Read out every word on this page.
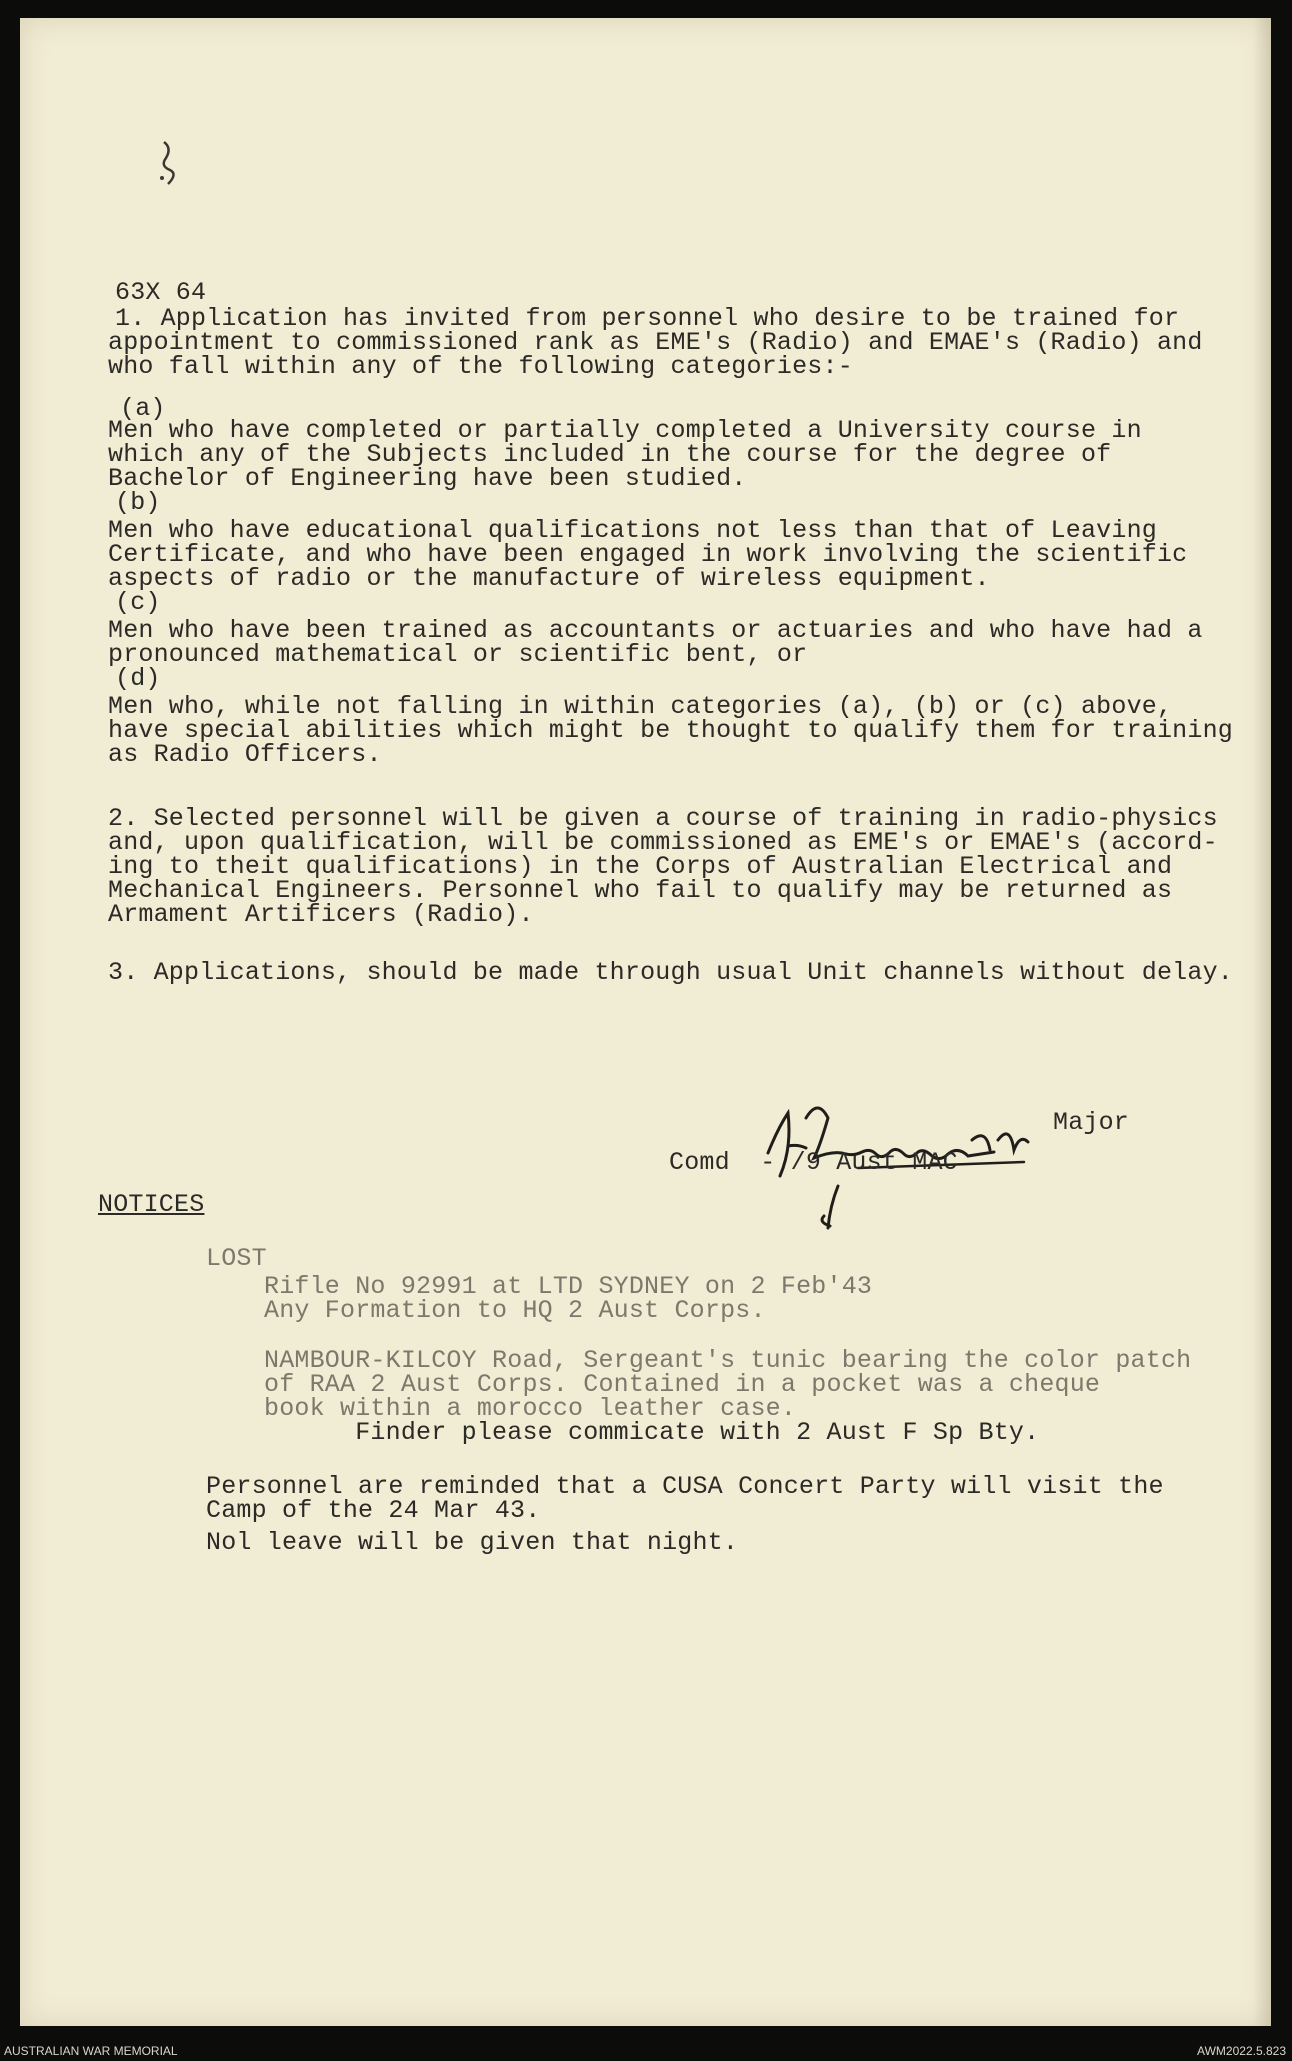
63X 64
1. Application has invited from personnel who desire to be trained for
appointment to commissioned rank as EME's (Radio) and EMAE's (Radio) and
who fall within any of the following categories:-
(a)
Men who have completed or partially completed a University course in
which any of the Subjects included in the course for the degree of
Bachelor of Engineering have been studied.
(b)
Men who have educational qualifications not less than that of Leaving
Certificate, and who have been engaged in work involving the scientific
aspects of radio or the manufacture of wireless equipment.
(c)
Men who have been trained as accountants or actuaries and who have had a
pronounced mathematical or scientific bent, or
(d)
Men who, while not falling in within categories (a), (b) or (c) above,
have special abilities which might be thought to qualify them for training
as Radio Officers.
2. Selected personnel will be given a course of training in radio-physics
and, upon qualification, will be commissioned as EME's or EMAE's (accord-
ing to theit qualifications) in the Corps of Australian Electrical and
Mechanical Engineers. Personnel who fail to qualify may be returned as
Armament Artificers (Radio).
3. Applications, should be made through usual Unit channels without delay.
Major
Comd  - /9 Aust MAC
NOTICES
LOST
Rifle No 92991 at LTD SYDNEY on 2 Feb'43
Any Formation to HQ 2 Aust Corps.
NAMBOUR-KILCOY Road, Sergeant's tunic bearing the color patch
of RAA 2 Aust Corps. Contained in a pocket was a cheque
book within a morocco leather case.
Finder please commicate with 2 Aust F Sp Bty.
Personnel are reminded that a CUSA Concert Party will visit the
Camp of the 24 Mar 43.
Nol leave will be given that night.
AUSTRALIAN WAR MEMORIAL	AWM2022.5.823
